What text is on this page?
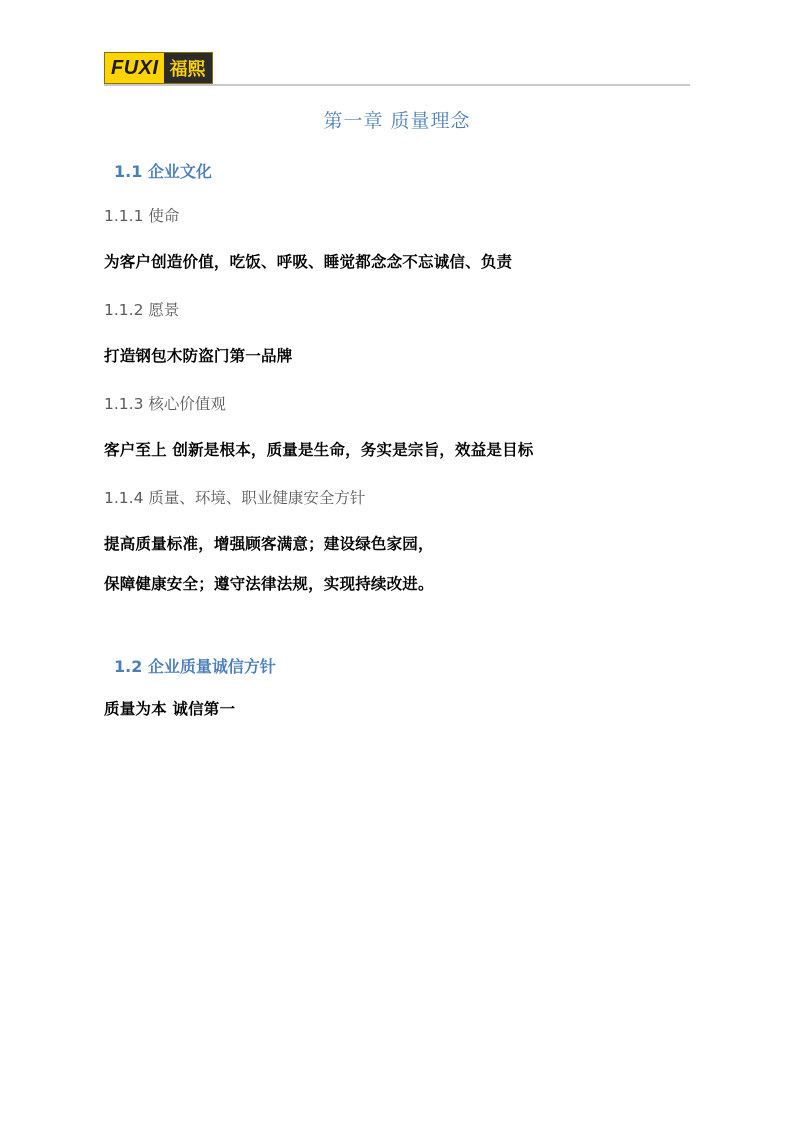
FUXI 福熙
第一章 质量理念
1.1 企业文化
1.1.1 使命

为客户创造价值，吃饭、呼吸、睡觉都念念不忘诚信、负责

1.1.2 愿景

打造钢包木防盗门第一品牌

1.1.3 核心价值观

客户至上 创新是根本，质量是生命，务实是宗旨，效益是目标

1.1.4 质量、环境、职业健康安全方针

提高质量标准，增强顾客满意；建设绿色家园，

保障健康安全；遵守法律法规，实现持续改进。

1.2 企业质量诚信方针

质量为本 诚信第一
